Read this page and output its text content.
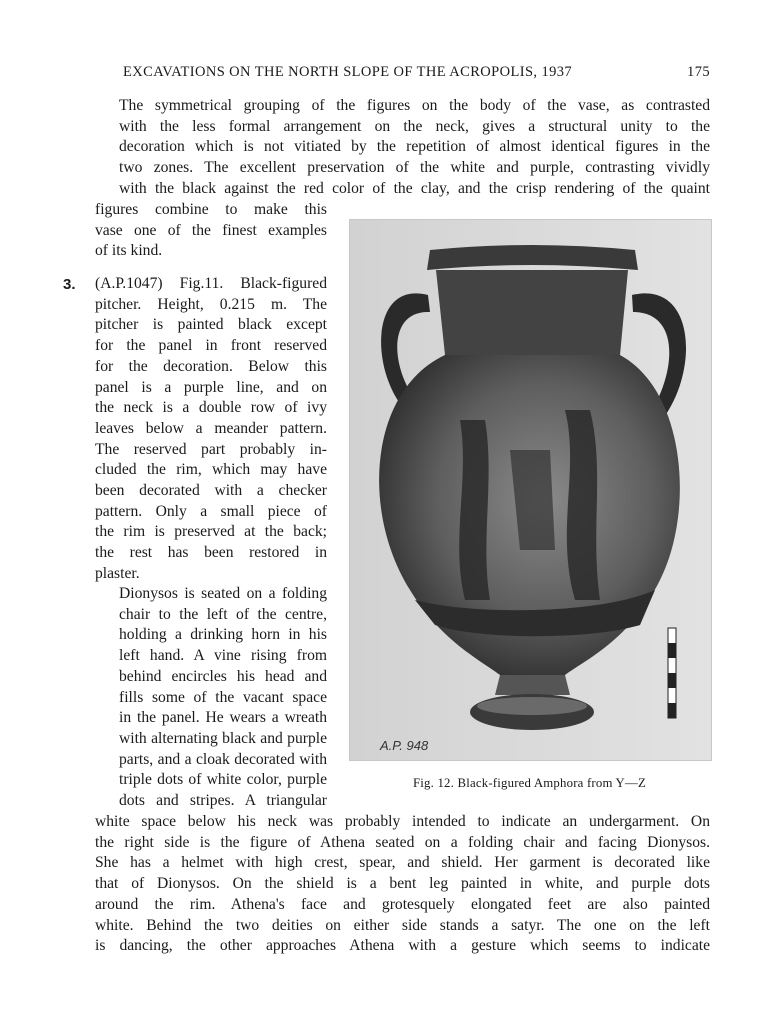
EXCAVATIONS ON THE NORTH SLOPE OF THE ACROPOLIS, 1937	175

The symmetrical grouping of the figures on the body of the vase, as contrasted
with the less formal arrangement on the neck, gives a structural unity to the
decoration which is not vitiated by the repetition of almost identical figures in the
two zones. The excellent preservation of the white and purple, contrasting vividly
with the black against the red color of the clay, and the crisp rendering of the quaint

figures combine to make this
vase one of the finest examples
of its kind.

3. (A.P.1047) Fig.11. Black-figured
pitcher. Height, 0.215 m. The
pitcher is painted black except
for the panel in front reserved
for the decoration. Below this
panel is a purple line, and on
the neck is a double row of ivy
leaves below a meander pattern.
The reserved part probably in-
cluded the rim, which may have
been decorated with a checker
pattern. Only a small piece of
the rim is preserved at the back;
the rest has been restored in
plaster.

Dionysos is seated on a folding
chair to the left of the centre,
holding a drinking horn in his
left hand. A vine rising from
behind encircles his head and
fills some of the vacant space
in the panel. He wears a wreath
with alternating black and purple
parts, and a cloak decorated with
triple dots of white color, purple
dots and stripes. A triangular

white space below his neck was probably intended to indicate an undergarment. On
the right side is the figure of Athena seated on a folding chair and facing Dionysos.
She has a helmet with high crest, spear, and shield. Her garment is decorated like
that of Dionysos. On the shield is a bent leg painted in white, and purple dots
around the rim. Athena's face and grotesquely elongated feet are also painted
white. Behind the two deities on either side stands a satyr. The one on the left
is dancing, the other approaches Athena with a gesture which seems to indicate

A.P. 948
Fig. 12. Black-figured Amphora from Y—Z
